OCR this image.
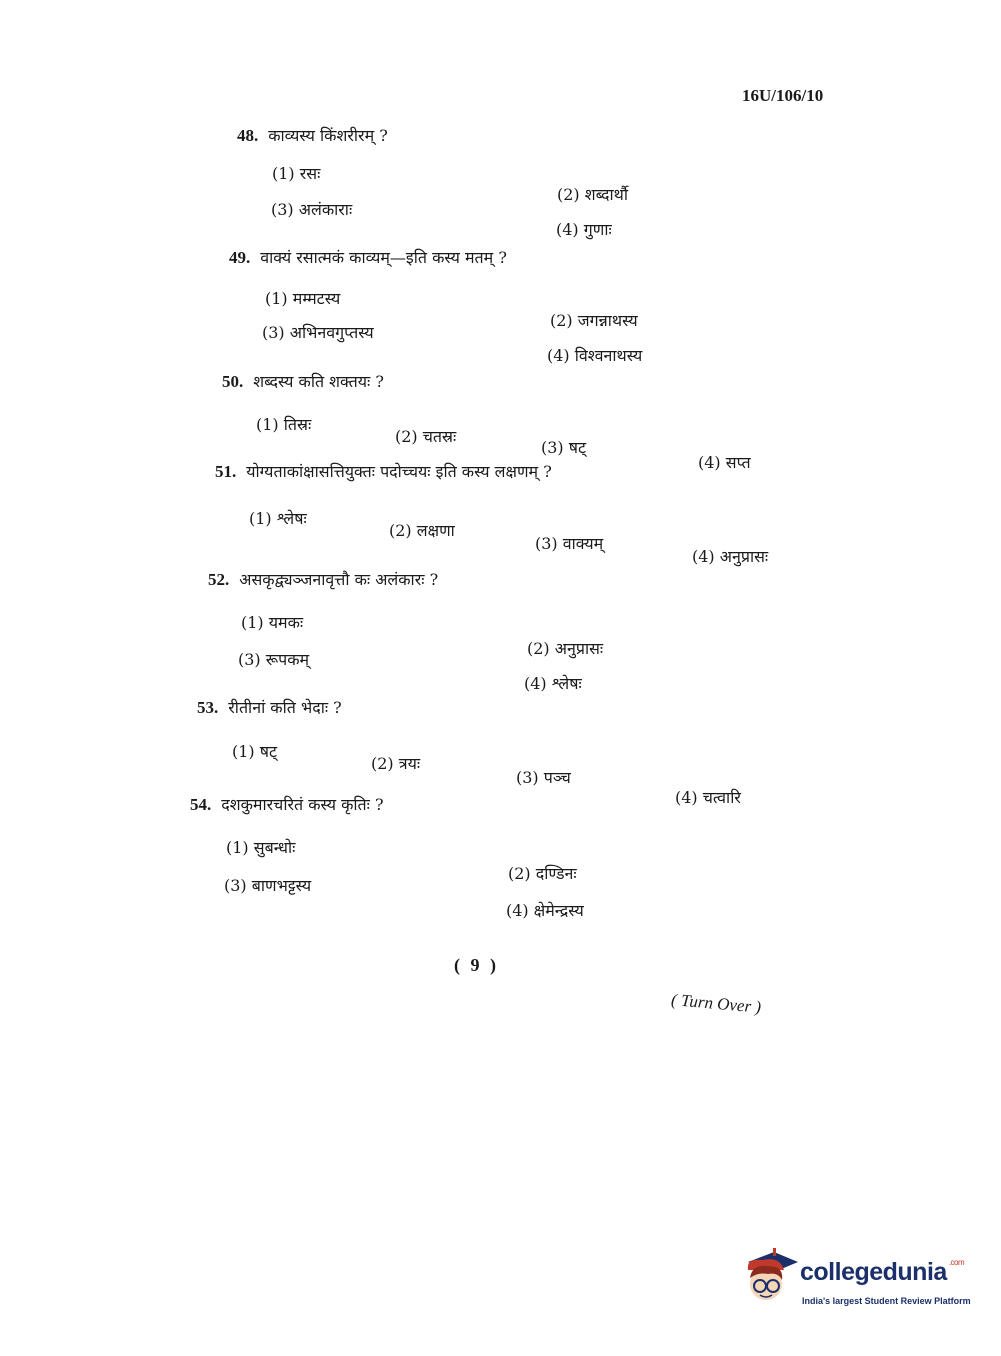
16U/106/10
48. काव्यस्य किंशरीरम् ?
(1) रसः
(2) शब्दार्थौ
(3) अलंकाराः
(4) गुणाः
49. वाक्यं रसात्मकं काव्यम्—इति कस्य मतम् ?
(1) मम्मटस्य
(2) जगन्नाथस्य
(3) अभिनवगुप्तस्य
(4) विश्वनाथस्य
50. शब्दस्य कति शक्तयः ?
(1) तिस्रः
(2) चतस्रः
(3) षट्
(4) सप्त
51. योग्यताकांक्षासत्तियुक्तः पदोच्चयः इति कस्य लक्षणम् ?
(1) श्लेषः
(2) लक्षणा
(3) वाक्यम्
(4) अनुप्रासः
52. असकृद्व्यञ्जनावृत्तौ कः अलंकारः ?
(1) यमकः
(2) अनुप्रासः
(3) रूपकम्
(4) श्लेषः
53. रीतीनां कति भेदाः ?
(1) षट्
(2) त्रयः
(3) पञ्च
(4) चत्वारि
54. दशकुमारचरितं कस्य कृतिः ?
(1) सुबन्धोः
(2) दण्डिनः
(3) बाणभट्टस्य
(4) क्षेमेन्द्रस्य
( 9 )
( Turn Over )
collegedunia $^{.com}$
India's largest Student Review Platform
